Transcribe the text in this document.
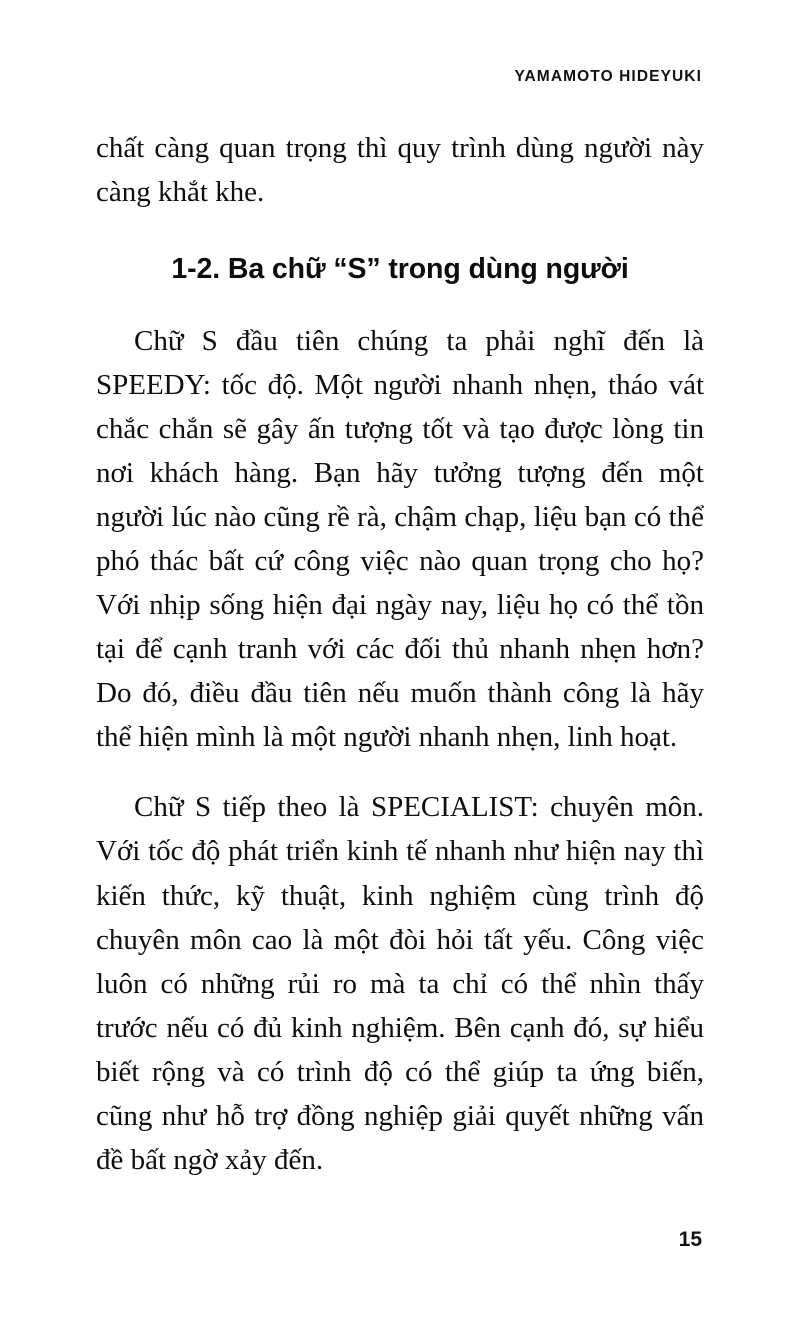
YAMAMOTO HIDEYUKI

chất càng quan trọng thì quy trình dùng người này càng khắt khe.

1-2. Ba chữ “S” trong dùng người

Chữ S đầu tiên chúng ta phải nghĩ đến là SPEEDY: tốc độ. Một người nhanh nhẹn, tháo vát chắc chắn sẽ gây ấn tượng tốt và tạo được lòng tin nơi khách hàng. Bạn hãy tưởng tượng đến một người lúc nào cũng rề rà, chậm chạp, liệu bạn có thể phó thác bất cứ công việc nào quan trọng cho họ? Với nhịp sống hiện đại ngày nay, liệu họ có thể tồn tại để cạnh tranh với các đối thủ nhanh nhẹn hơn? Do đó, điều đầu tiên nếu muốn thành công là hãy thể hiện mình là một người nhanh nhẹn, linh hoạt.

Chữ S tiếp theo là SPECIALIST: chuyên môn. Với tốc độ phát triển kinh tế nhanh như hiện nay thì kiến thức, kỹ thuật, kinh nghiệm cùng trình độ chuyên môn cao là một đòi hỏi tất yếu. Công việc luôn có những rủi ro mà ta chỉ có thể nhìn thấy trước nếu có đủ kinh nghiệm. Bên cạnh đó, sự hiểu biết rộng và có trình độ có thể giúp ta ứng biến, cũng như hỗ trợ đồng nghiệp giải quyết những vấn đề bất ngờ xảy đến.

15
